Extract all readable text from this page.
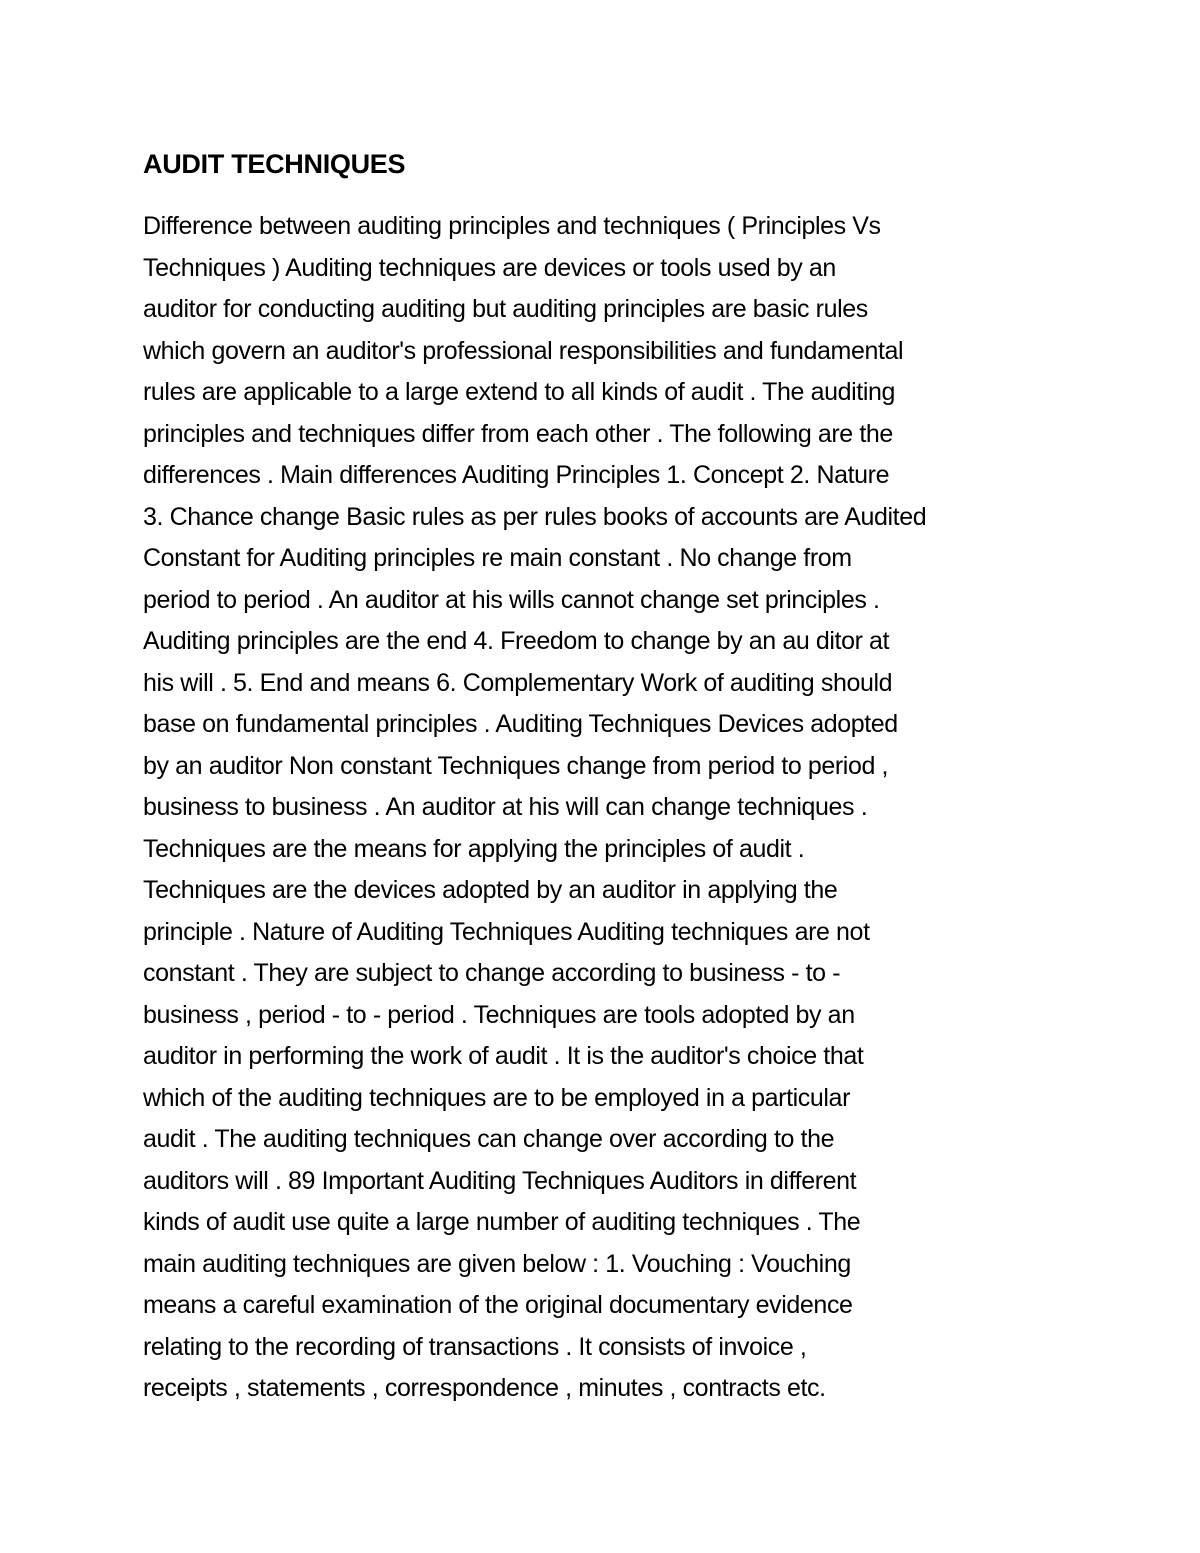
AUDIT TECHNIQUES
Difference between auditing principles and techniques ( Principles Vs
Techniques ) Auditing techniques are devices or tools used by an
auditor for conducting auditing but auditing principles are basic rules
which govern an auditor's professional responsibilities and fundamental
rules are applicable to a large extend to all kinds of audit . The auditing
principles and techniques differ from each other . The following are the
differences . Main differences Auditing Principles 1. Concept 2. Nature
3. Chance change Basic rules as per rules books of accounts are Audited
Constant for Auditing principles re main constant . No change from
period to period . An auditor at his wills cannot change set principles .
Auditing principles are the end 4. Freedom to change by an au ditor at
his will . 5. End and means 6. Complementary Work of auditing should
base on fundamental principles . Auditing Techniques Devices adopted
by an auditor Non constant Techniques change from period to period ,
business to business . An auditor at his will can change techniques .
Techniques are the means for applying the principles of audit .
Techniques are the devices adopted by an auditor in applying the
principle . Nature of Auditing Techniques Auditing techniques are not
constant . They are subject to change according to business - to -
business , period - to - period . Techniques are tools adopted by an
auditor in performing the work of audit . It is the auditor's choice that
which of the auditing techniques are to be employed in a particular
audit . The auditing techniques can change over according to the
auditors will . 89 Important Auditing Techniques Auditors in different
kinds of audit use quite a large number of auditing techniques . The
main auditing techniques are given below : 1. Vouching : Vouching
means a careful examination of the original documentary evidence
relating to the recording of transactions . It consists of invoice ,
receipts , statements , correspondence , minutes , contracts etc.
